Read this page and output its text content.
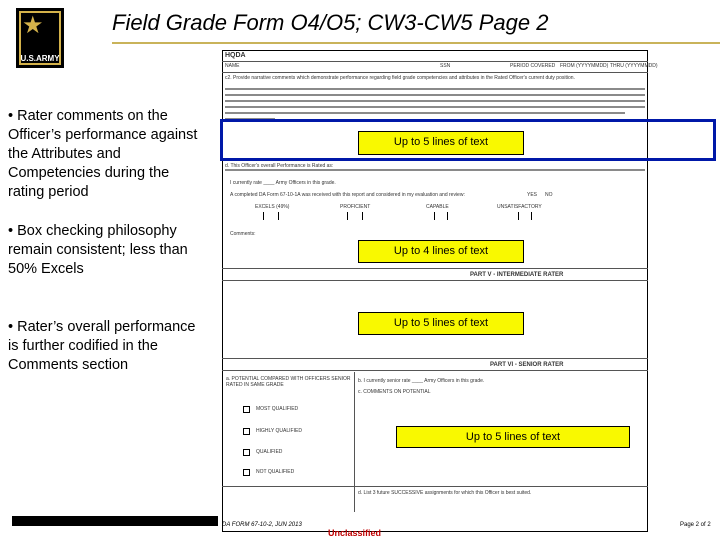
★
U.S.ARMY
Field Grade Form O4/O5; CW3-CW5 Page 2
• Rater comments on the Officer’s performance against the Attributes and Competencies during the rating period
• Box checking philosophy remain consistent; less than 50% Excels
• Rater’s overall performance is further codified in the Comments section
HQDA
NAME	SSN	PERIOD COVERED FROM (YYYYMMDD) THRU (YYYYMMDD)
c2. Provide narrative comments which demonstrate performance regarding field grade competencies and attributes in the Rated Officer's current duty position.
Up to 5 lines of text
d. This Officer's overall Performance is Rated as:
I currently rate ____ Army Officers in this grade.
A completed DA Form 67-10-1A was received with this report and considered in my evaluation and review:	YES NO
EXCELS (49%)	PROFICIENT	CAPABLE	UNSATISFACTORY
Comments:
Up to 4 lines of text
PART V - INTERMEDIATE RATER
Up to 5 lines of text
PART VI - SENIOR RATER
a. POTENTIAL COMPARED WITH OFFICERS SENIOR RATED IN SAME GRADE
b. I currently senior rate ____ Army Officers in this grade.
c. COMMENTS ON POTENTIAL
MOST QUALIFIED
HIGHLY QUALIFIED
QUALIFIED
NOT QUALIFIED
Up to 5 lines of text
d. List 3 future SUCCESSIVE assignments for which this Officer is best suited.
DA FORM 67-10-2, JUN 2013	Page 2 of 2
Unclassified
